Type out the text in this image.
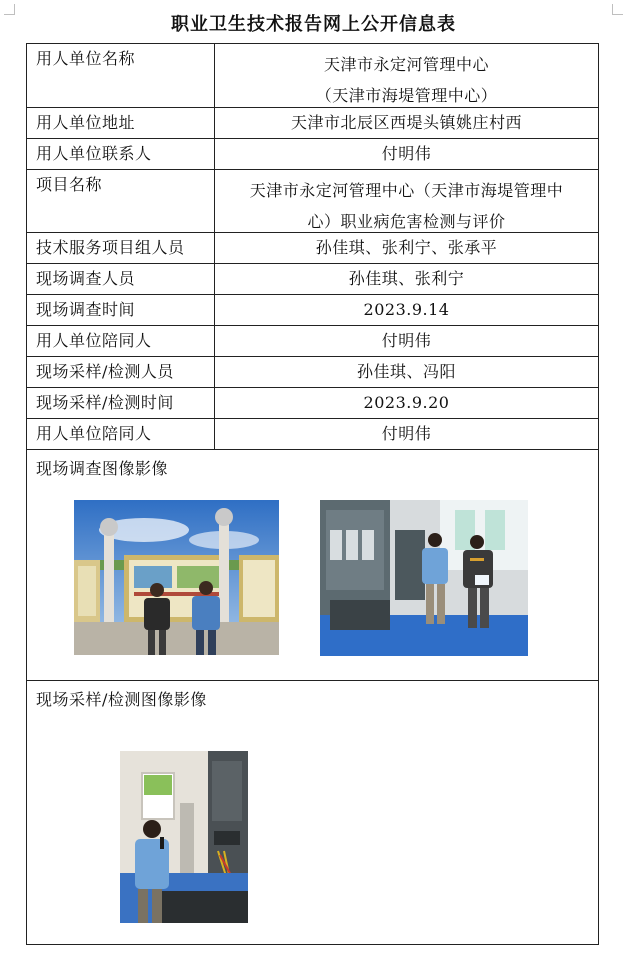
职业卫生技术报告网上公开信息表
用人单位名称	天津市永定河管理中心
（天津市海堤管理中心）
用人单位地址	天津市北辰区西堤头镇姚庄村西
用人单位联系人	付明伟
项目名称	天津市永定河管理中心（天津市海堤管理中
心）职业病危害检测与评价
技术服务项目组人员	孙佳琪、张利宁、张承平
现场调查人员	孙佳琪、张利宁
现场调查时间	2023.9.14
用人单位陪同人	付明伟
现场采样/检测人员	孙佳琪、冯阳
现场采样/检测时间	2023.9.20
用人单位陪同人	付明伟
现场调查图像影像
现场采样/检测图像影像
